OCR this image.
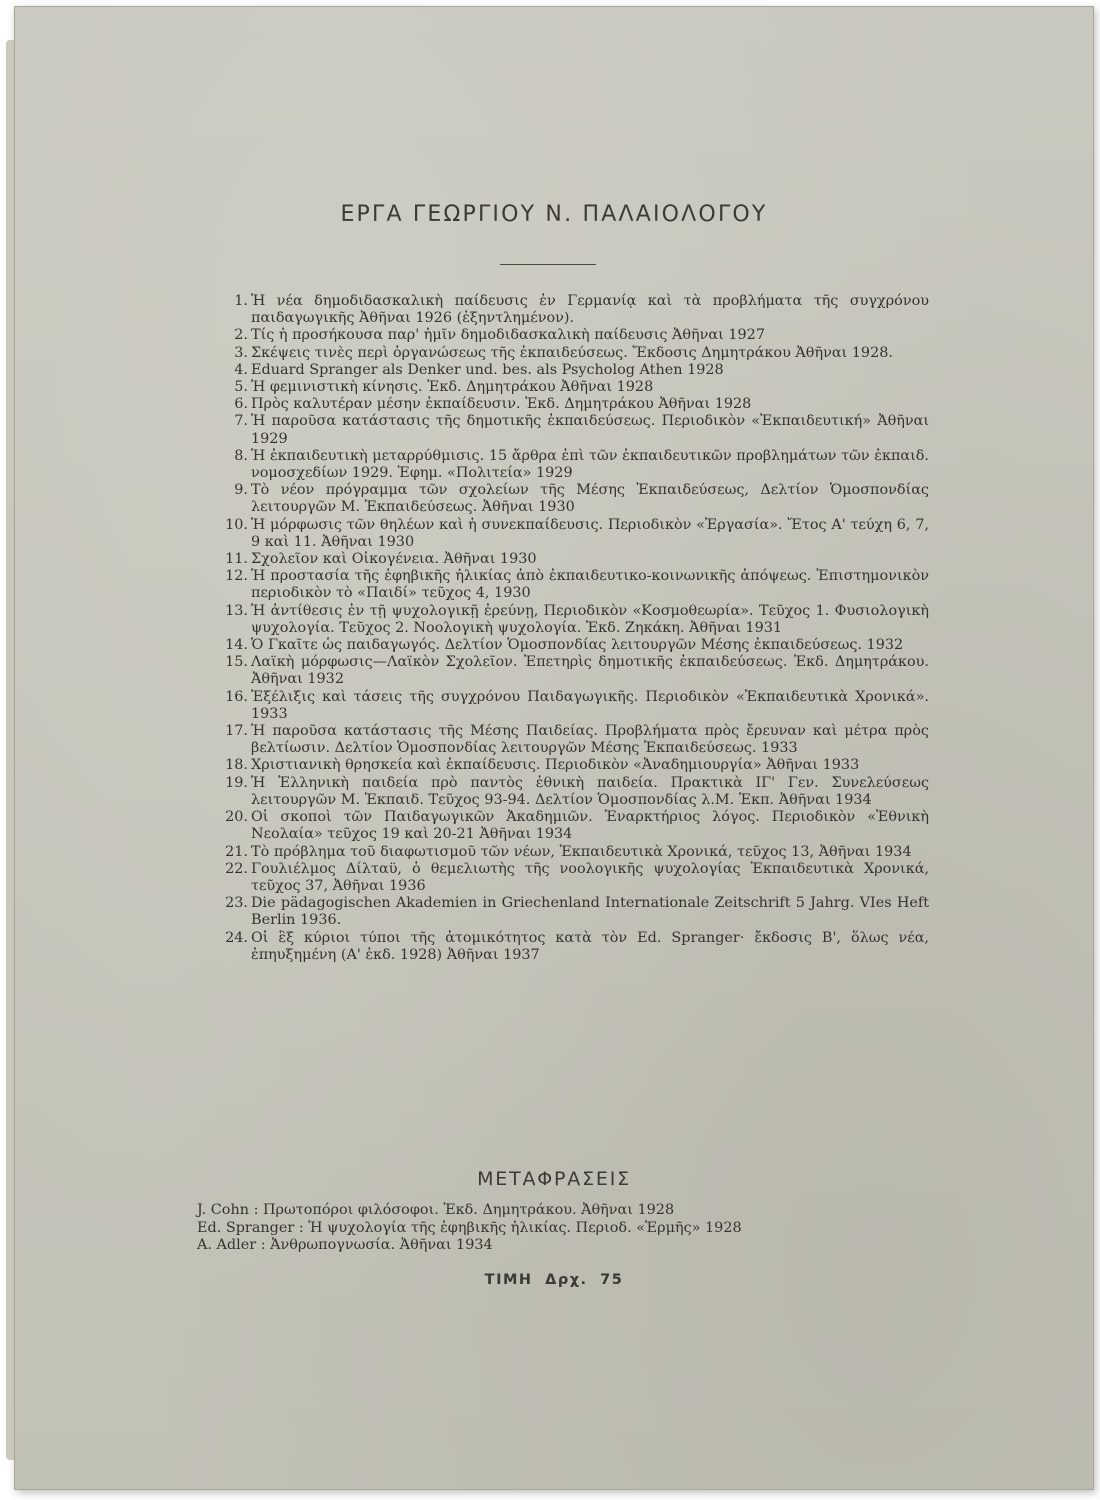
ΕΡΓΑ ΓΕΩΡΓΙΟΥ Ν. ΠΑΛΑΙΟΛΟΓΟΥ
1. Ἡ νέα δημοδιδασκαλικὴ παίδευσις ἐν Γερμανίᾳ καὶ τὰ προβλήματα τῆς συγχρόνου παιδαγωγικῆς Ἀθῆναι 1926 (ἐξηντλημένον).
2. Τίς ἡ προσήκουσα παρ' ἡμῖν δημοδιδασκαλικὴ παίδευσις Ἀθῆναι 1927
3. Σκέψεις τινὲς περὶ ὀργανώσεως τῆς ἐκπαιδεύσεως. Ἔκδοσις Δημητράκου Ἀθῆναι 1928.
4. Eduard Spranger als Denker und. bes. als Psycholog Athen 1928
5. Ἡ φεμινιστικὴ κίνησις. Ἐκδ. Δημητράκου Ἀθῆναι 1928
6. Πρὸς καλυτέραν μέσην ἐκπαίδευσιν. Ἐκδ. Δημητράκου Ἀθῆναι 1928
7. Ἡ παροῦσα κατάστασις τῆς δημοτικῆς ἐκπαιδεύσεως. Περιοδικὸν «Ἐκπαιδευτική» Ἀθῆναι 1929
8. Ἡ ἐκπαιδευτικὴ μεταρρύθμισις. 15 ἄρθρα ἐπὶ τῶν ἐκπαιδευτικῶν προβλημάτων τῶν ἐκπαιδ. νομοσχεδίων 1929. Ἐφημ. «Πολιτεία» 1929
9. Τὸ νέον πρόγραμμα τῶν σχολείων τῆς Μέσης Ἐκπαιδεύσεως, Δελτίον Ὁμοσπονδίας λειτουργῶν Μ. Ἐκπαιδεύσεως. Ἀθῆναι 1930
10. Ἡ μόρφωσις τῶν θηλέων καὶ ἡ συνεκπαίδευσις. Περιοδικὸν «Ἐργασία». Ἔτος Α' τεύχη 6, 7, 9 καὶ 11. Ἀθῆναι 1930
11. Σχολεῖον καὶ Οἰκογένεια. Ἀθῆναι 1930
12. Ἡ προστασία τῆς ἐφηβικῆς ἡλικίας ἀπὸ ἐκπαιδευτικο-κοινωνικῆς ἀπόψεως. Ἐπιστημονικὸν περιοδικὸν τὸ «Παιδί» τεῦχος 4, 1930
13. Ἡ ἀντίθεσις ἐν τῇ ψυχολογικῇ ἐρεύνῃ, Περιοδικὸν «Κοσμοθεωρία». Τεῦχος 1. Φυσιολογικὴ ψυχολογία. Τεῦχος 2. Νοολογικὴ ψυχολογία. Ἐκδ. Ζηκάκη. Ἀθῆναι 1931
14. Ὁ Γκαῖτε ὡς παιδαγωγός. Δελτίον Ὁμοσπονδίας λειτουργῶν Μέσης ἐκπαιδεύσεως. 1932
15. Λαϊκὴ μόρφωσις—Λαϊκὸν Σχολεῖον. Ἐπετηρὶς δημοτικῆς ἐκπαιδεύσεως. Ἐκδ. Δημητράκου. Ἀθῆναι 1932
16. Ἐξέλιξις καὶ τάσεις τῆς συγχρόνου Παιδαγωγικῆς. Περιοδικὸν «Ἐκπαιδευτικὰ Χρονικά». 1933
17. Ἡ παροῦσα κατάστασις τῆς Μέσης Παιδείας. Προβλήματα πρὸς ἔρευναν καὶ μέτρα πρὸς βελτίωσιν. Δελτίον Ὁμοσπονδίας λειτουργῶν Μέσης Ἐκπαιδεύσεως. 1933
18. Χριστιανικὴ θρησκεία καὶ ἐκπαίδευσις. Περιοδικὸν «Ἀναδημιουργία» Ἀθῆναι 1933
19. Ἡ Ἑλληνικὴ παιδεία πρὸ παντὸς ἐθνικὴ παιδεία. Πρακτικὰ ΙΓ' Γεν. Συνελεύσεως λειτουργῶν Μ. Ἐκπαιδ. Τεῦχος 93-94. Δελτίον Ὁμοσπονδίας λ.Μ. Ἐκπ. Ἀθῆναι 1934
20. Οἱ σκοποὶ τῶν Παιδαγωγικῶν Ἀκαδημιῶν. Ἐναρκτήριος λόγος. Περιοδικὸν «Ἐθνικὴ Νεολαία» τεῦχος 19 καὶ 20-21 Ἀθῆναι 1934
21. Τὸ πρόβλημα τοῦ διαφωτισμοῦ τῶν νέων, Ἐκπαιδευτικὰ Χρονικά, τεῦχος 13, Ἀθῆναι 1934
22. Γουλιέλμος Δίλταϋ, ὁ θεμελιωτὴς τῆς νοολογικῆς ψυχολογίας Ἐκπαιδευτικὰ Χρονικά, τεῦχος 37, Ἀθῆναι 1936
23. Die pädagogischen Akademien in Griechenland Internationale Zeitschrift 5 Jahrg. VIes Heft Berlin 1936.
24. Οἱ ἓξ κύριοι τύποι τῆς ἀτομικότητος κατὰ τὸν Ed. Spranger· ἔκδοσις Β', ὅλως νέα, ἐπηυξημένη (Α' ἐκδ. 1928) Ἀθῆναι 1937
ΜΕΤΑΦΡΑΣΕΙΣ
J. Cohn : Πρωτοπόροι φιλόσοφοι. Ἐκδ. Δημητράκου. Ἀθῆναι 1928
Ed. Spranger : Ἡ ψυχολογία τῆς ἐφηβικῆς ἡλικίας. Περιοδ. «Ἑρμῆς» 1928
A. Adler : Ἀνθρωπογνωσία. Ἀθῆναι 1934
ΤΙΜΗ Δρχ. 75
